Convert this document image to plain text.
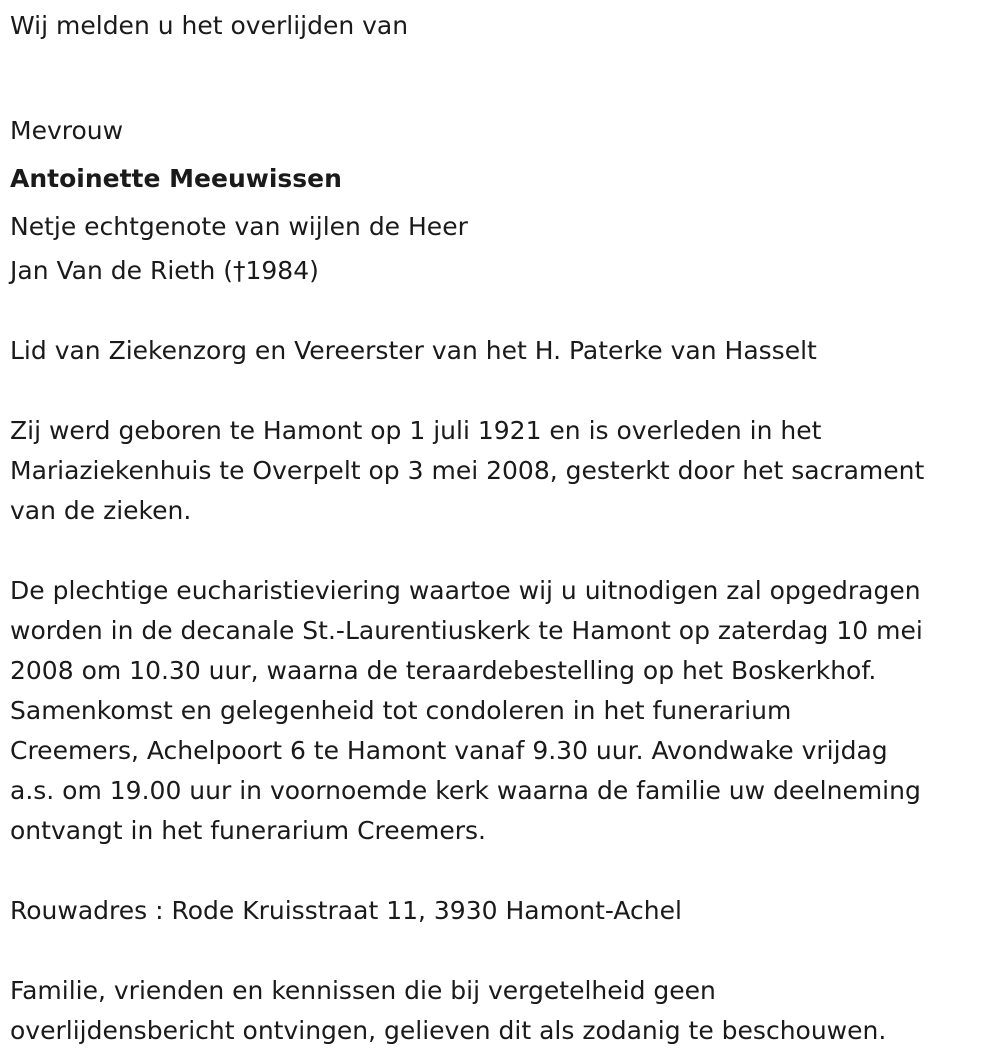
Wij melden u het overlijden van
Mevrouw
Antoinette Meeuwissen
Netje echtgenote van wijlen de Heer
Jan Van de Rieth (†1984)
Lid van Ziekenzorg en Vereerster van het H. Paterke van Hasselt
Zij werd geboren te Hamont op 1 juli 1921 en is overleden in het
Mariaziekenhuis te Overpelt op 3 mei 2008, gesterkt door het sacrament
van de zieken.
De plechtige eucharistieviering waartoe wij u uitnodigen zal opgedragen
worden in de decanale St.-Laurentiuskerk te Hamont op zaterdag 10 mei
2008 om 10.30 uur, waarna de teraardebestelling op het Boskerkhof.
Samenkomst en gelegenheid tot condoleren in het funerarium
Creemers, Achelpoort 6 te Hamont vanaf 9.30 uur. Avondwake vrijdag
a.s. om 19.00 uur in voornoemde kerk waarna de familie uw deelneming
ontvangt in het funerarium Creemers.
Rouwadres : Rode Kruisstraat 11, 3930 Hamont-Achel
Familie, vrienden en kennissen die bij vergetelheid geen
overlijdensbericht ontvingen, gelieven dit als zodanig te beschouwen.
